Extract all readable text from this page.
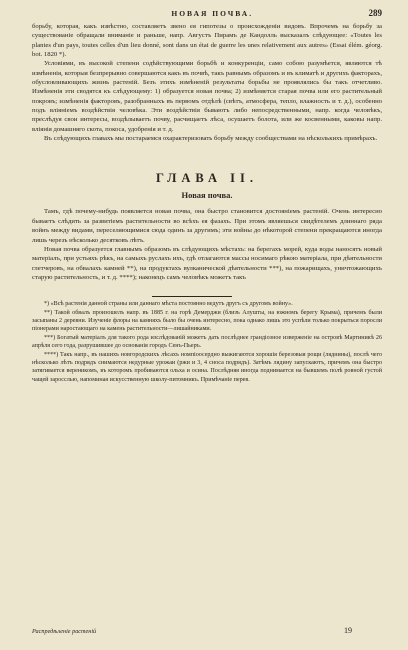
НОВАЯ ПОЧВА.	289

борьбу, которая, какъ извѣстно, составляетъ звено ея гипотезы о происхожденіи видовъ. Впрочемъ на борьбу за существованіе обращали вниманіе и раньше, напр. Августъ Пирамъ де Кандолль высказалъ слѣдующее: «Toutes les plantes d'un pays, toutes celles d'un lieu donné, sont dans un état de guerre les unes relativement aux autres» (Essai élém. géorg. bot. 1820 *).

Условіями, въ высокой степени содѣйствующими борьбѣ и конкуренціи, само собою разумѣется, являются тѣ измѣненія, которыя безпрерывно совершаются какъ въ почвѣ, такъ равнымъ образомъ и въ климатѣ и другихъ факторахъ, обусловливающихъ жизнь растеній. Безъ этихъ измѣненій результаты борьбы не проявлялись бы такъ отчетливо. Измѣненія эти сводятся къ слѣдующему: 1) образуется новая почва; 2) измѣняется старая почва или его растительный покровъ; измѣненія факторовъ, разобранныхъ въ первомъ отдѣлѣ (свѣтъ, атмосфера, тепло, влажность и т. д.), особенно подъ вліяніемъ воздѣйствія человѣка. Эти воздѣйствія бываютъ либо непосредственными, напр. когда человѣкъ, преслѣдуя свои интересы, воздѣлываетъ почву, расчищаетъ лѣса, осушаетъ болота, или же косвенными, каковы напр. вліянія домашняго скота, покоса, удобренія и т. д.

Въ слѣдующихъ главахъ мы постараемся охарактеризовать борьбу между сообществами на нѣсколькихъ примѣрахъ.

ГЛАВА II.
Новая почва.

Тамъ, гдѣ почему-нибудь появляется новая почва, она быстро становится достояніемъ растеній. Очень интересно бываетъ слѣдить за развитіемъ растительности во всѣхъ ея фазахъ. При этомъ являешься свидѣтелемъ длиннаго ряда войнъ между видами, переселяющимися сюда одинъ за другимъ; эти войны до нѣкоторой степени прекращаются иногда лишь черезъ нѣсколько десятковъ лѣтъ.

Новая почва образуется главнымъ образомъ въ слѣдующихъ мѣстахъ: на берегахъ морей, куда воды наносятъ новый матеріалъ, при устьяхъ рѣкъ, на самыхъ руслахъ ихъ, гдѣ отлагаются массы носимаго рѣкою матеріала, при дѣятельности глетчеровъ, на обвалахъ камней **), на продуктахъ вулканической дѣятельности ***), на пожарищахъ, уничтожающихъ старую растительность, и т. д. ****); наконецъ самъ человѣкъ можетъ такъ

*) «Всѣ растенія данной страны или даннаго мѣста постоянно ведутъ другъ съ другомъ войну».

**) Такой обвалъ произошелъ напр. въ 1885 г. на горѣ Демерджи (близъ Алушты, на южномъ берегу Крыма), причемъ были засыпаны 2 деревни. Изученіе флоры на камняхъ было бы очень интересно, пока однако лишь это успѣли только покрыться поросли піонерами наростающаго на камень растительности—лишайниками.

***) Богатый матеріалъ для такого рода изслѣдованій можетъ дать послѣднее грандіозное изверженіе на островѣ Мартиникѣ 26 апрѣля сего года, разрушившее до основанія городъ Сенъ-Пьеръ.

****) Такъ напр., въ нашихъ новгородскихъ лѣсахъ номпіоосердно выжигаются хорошія березовыя рощи (ляднины), послѣ чего нѣсколько лѣтъ подрядъ снимаются недурные урожаи (ржи и 3, 4 сноса подрядъ). Затѣмъ лядину запускаютъ, причемъ она быстро затягивается вереникомъ, въ которомъ пробиваются ольха и осина. Послѣдняя иногда поднимается на бывшемъ полѣ ровной густой чащей заросслью, напоминая искусственную школу-питомникъ. Примѣчаніе перев.

Распредѣленіе растеній	19
